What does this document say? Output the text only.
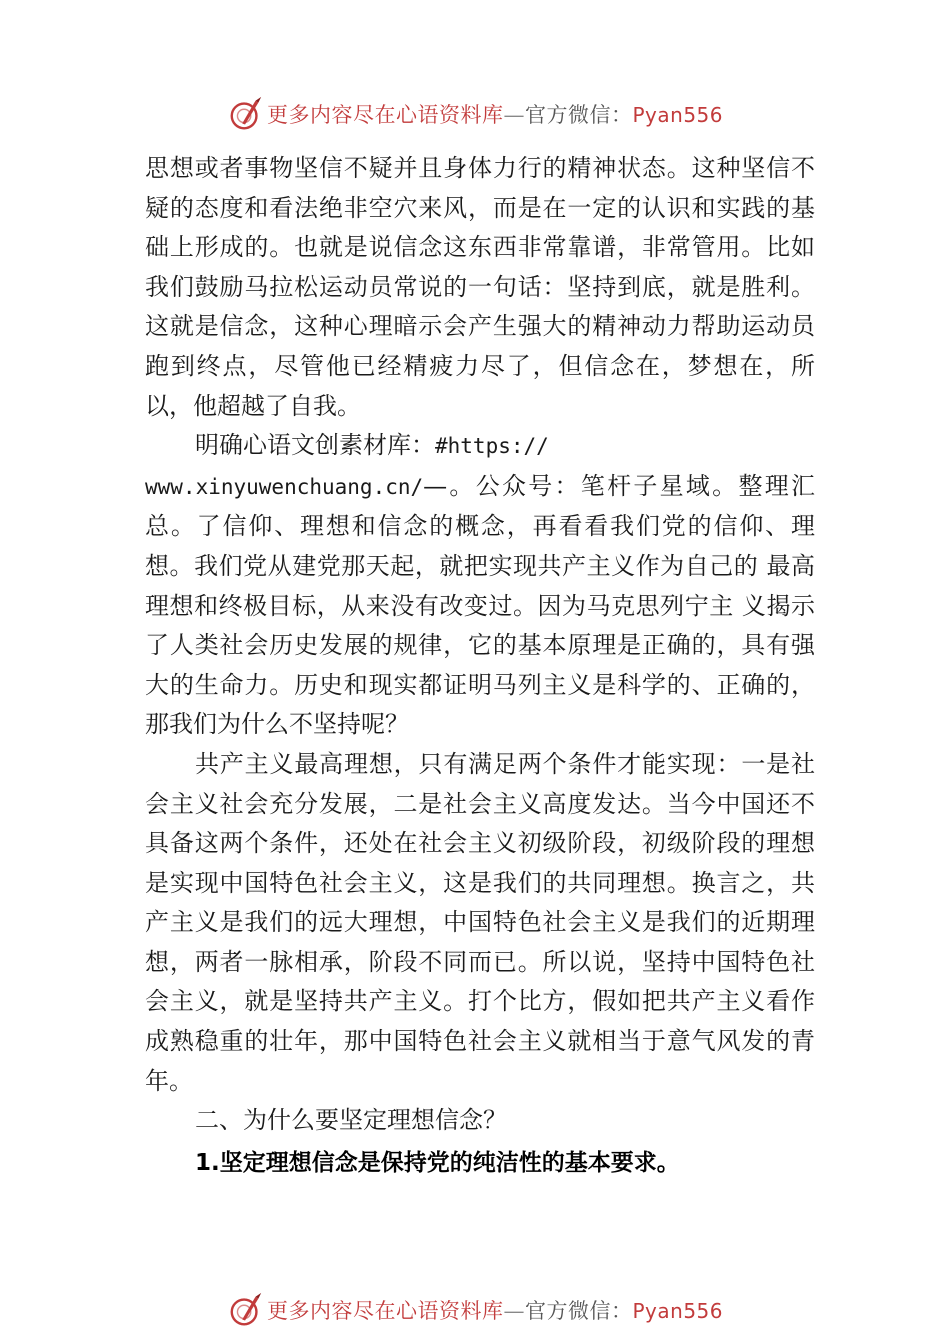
更多内容尽在心语资料库—官方微信：Pyan556

思想或者事物坚信不疑并且身体力行的精神状态。这种坚信不疑的态度和看法绝非空穴来风，而是在一定的认识和实践的基础上形成的。也就是说信念这东西非常靠谱，非常管用。比如我们鼓励马拉松运动员常说的一句话：坚持到底，就是胜利。这就是信念，这种心理暗示会产生强大的精神动力帮助运动员跑到终点，尽管他已经精疲力尽了，但信念在，梦想在，所以，他超越了自我。

明确心语文创素材库：#https://
www.xinyuwenchuang.cn/—。公众号：笔杆子星域。整理汇总。了信仰、理想和信念的概念，再看看我们党的信仰、理想。我们党从建党那天起，就把实现共产主义作为自己的 最高理想和终极目标，从来没有改变过。因为马克思列宁主 义揭示了人类社会历史发展的规律，它的基本原理是正确的，具有强大的生命力。历史和现实都证明马列主义是科学的、正确的，那我们为什么不坚持呢？

共产主义最高理想，只有满足两个条件才能实现：一是社会主义社会充分发展，二是社会主义高度发达。当今中国还不具备这两个条件，还处在社会主义初级阶段，初级阶段的理想是实现中国特色社会主义，这是我们的共同理想。换言之，共产主义是我们的远大理想，中国特色社会主义是我们的近期理想，两者一脉相承，阶段不同而已。所以说，坚持中国特色社会主义，就是坚持共产主义。打个比方，假如把共产主义看作成熟稳重的壮年，那中国特色社会主义就相当于意气风发的青年。

二、为什么要坚定理想信念？

1.坚定理想信念是保持党的纯洁性的基本要求。

更多内容尽在心语资料库—官方微信：Pyan556
